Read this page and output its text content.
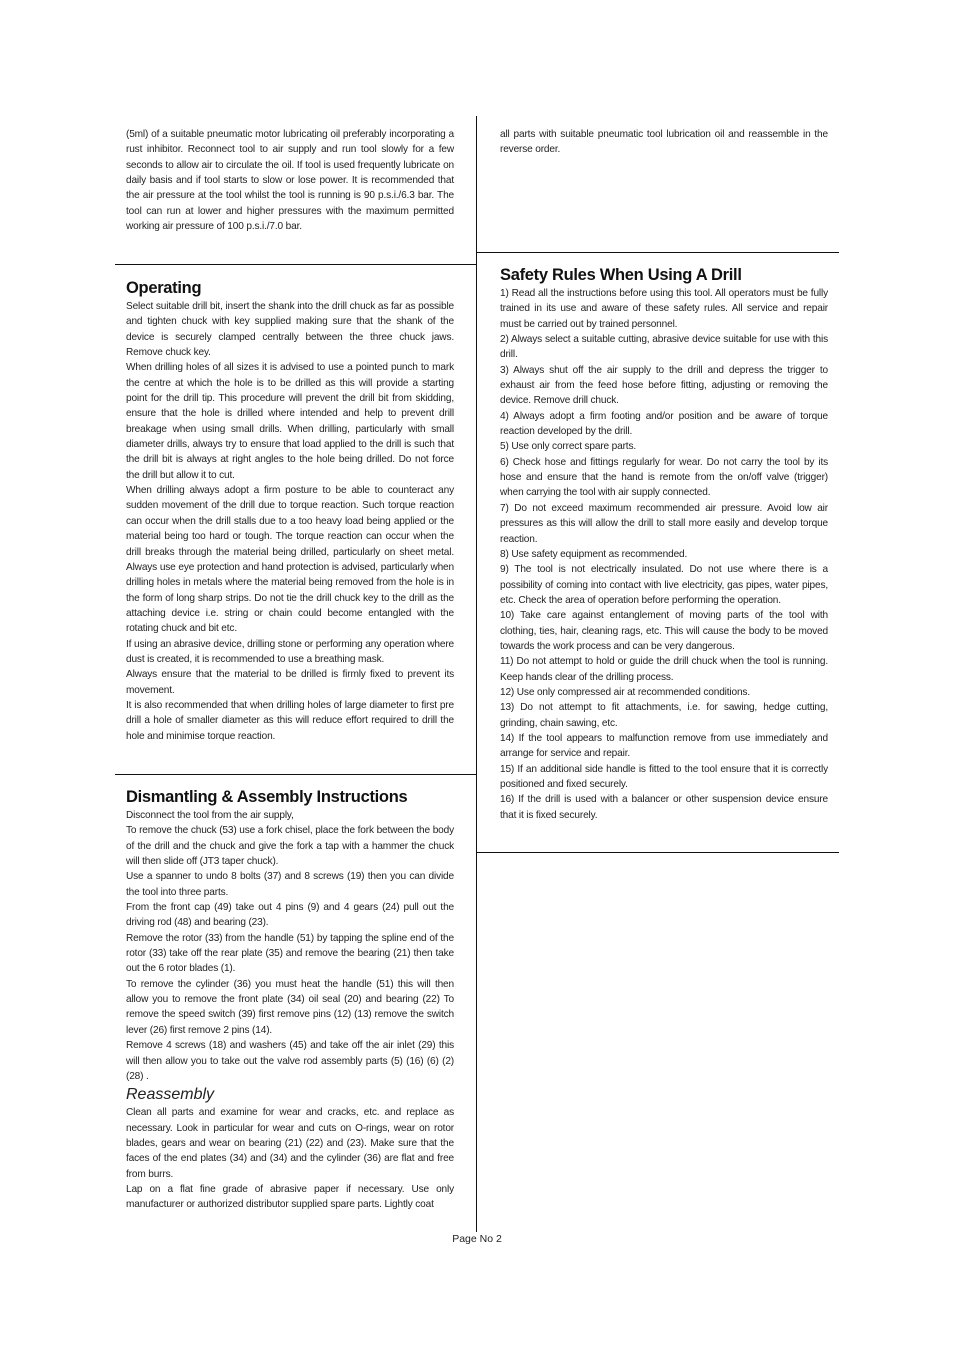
(5ml) of a suitable pneumatic motor lubricating oil preferably incorporating a rust inhibitor. Reconnect tool to air supply and run tool slowly for a few seconds to allow air to circulate the oil. If tool is used frequently lubricate on daily basis and if tool starts to slow or lose power. It is recommended that the air pressure at the tool whilst the tool is running is 90 p.s.i./6.3 bar. The tool can run at lower and higher pressures with the maximum permitted working air pressure of 100 p.s.i./7.0 bar.

Operating

Select suitable drill bit, insert the shank into the drill chuck as far as possible and tighten chuck with key supplied making sure that the shank of the device is securely clamped centrally between the three chuck jaws. Remove chuck key.

When drilling holes of all sizes it is advised to use a pointed punch to mark the centre at which the hole is to be drilled as this will provide a starting point for the drill tip. This procedure will prevent the drill bit from skidding, ensure that the hole is drilled where intended and help to prevent drill breakage when using small drills. When drilling, particularly with small diameter drills, always try to ensure that load applied to the drill is such that the drill bit is always at right angles to the hole being drilled. Do not force the drill but allow it to cut.

When drilling always adopt a firm posture to be able to counteract any sudden movement of the drill due to torque reaction. Such torque reaction can occur when the drill stalls due to a too heavy load being applied or the material being too hard or tough. The torque reaction can occur when the drill breaks through the material being drilled, particularly on sheet metal. Always use eye protection and hand protection is advised, particularly when drilling holes in metals where the material being removed from the hole is in the form of long sharp strips. Do not tie the drill chuck key to the drill as the attaching device i.e. string or chain could become entangled with the rotating chuck and bit etc.

If using an abrasive device, drilling stone or performing any operation where dust is created, it is recommended to use a breathing mask.

Always ensure that the material to be drilled is firmly fixed to prevent its movement.

It is also recommended that when drilling holes of large diameter to first pre drill a hole of smaller diameter as this will reduce effort required to drill the hole and minimise torque reaction.

Dismantling & Assembly Instructions

Disconnect the tool from the air supply,

To remove the chuck (53) use a fork chisel, place the fork between the body of the drill and the chuck and give the fork a tap with a hammer the chuck will then slide off (JT3 taper chuck).

Use a spanner to undo 8 bolts (37) and 8 screws (19) then you can divide the tool into three parts.

From the front cap (49) take out 4 pins (9) and 4 gears (24) pull out the driving rod (48) and bearing (23).

Remove the rotor (33) from the handle (51) by tapping the spline end of the rotor (33) take off the rear plate (35) and remove the bearing (21) then take out the 6 rotor blades (1).

To remove the cylinder (36) you must heat the handle (51) this will then allow you to remove the front plate (34) oil seal (20) and bearing (22) To remove the speed switch (39) first remove pins (12) (13) remove the switch lever (26) first remove 2 pins (14).

Remove 4 screws (18) and washers (45) and take off the air inlet (29) this will then allow you to take out the valve rod assembly parts (5) (16) (6) (2) (28) .

Reassembly

Clean all parts and examine for wear and cracks, etc. and replace as necessary. Look in particular for wear and cuts on O-rings, wear on rotor blades, gears and wear on bearing (21) (22) and (23). Make sure that the faces of the end plates (34) and (34) and the cylinder (36) are flat and free from burrs.

Lap on a flat fine grade of abrasive paper if necessary. Use only manufacturer or authorized distributor supplied spare parts. Lightly coat

all parts with suitable pneumatic tool lubrication oil and reassemble in the reverse order.

Safety Rules When Using A Drill

1) Read all the instructions before using this tool. All operators must be fully trained in its use and aware of these safety rules. All service and repair must be carried out by trained personnel.

2) Always select a suitable cutting, abrasive device suitable for use with this drill.

3) Always shut off the air supply to the drill and depress the trigger to exhaust air from the feed hose before fitting, adjusting or removing the device. Remove drill chuck.

4) Always adopt a firm footing and/or position and be aware of torque reaction developed by the drill.

5) Use only correct spare parts.

6) Check hose and fittings regularly for wear. Do not carry the tool by its hose and ensure that the hand is remote from the on/off valve (trigger) when carrying the tool with air supply connected.

7) Do not exceed maximum recommended air pressure. Avoid low air pressures as this will allow the drill to stall more easily and develop torque reaction.

8) Use safety equipment as recommended.

9) The tool is not electrically insulated. Do not use where there is a possibility of coming into contact with live electricity, gas pipes, water pipes, etc. Check the area of operation before performing the operation.

10) Take care against entanglement of moving parts of the tool with clothing, ties, hair, cleaning rags, etc. This will cause the body to be moved towards the work process and can be very dangerous.

11) Do not attempt to hold or guide the drill chuck when the tool is running. Keep hands clear of the drilling process.

12) Use only compressed air at recommended conditions.

13) Do not attempt to fit attachments, i.e. for sawing, hedge cutting, grinding, chain sawing, etc.

14) If the tool appears to malfunction remove from use immediately and arrange for service and repair.

15) If an additional side handle is fitted to the tool ensure that it is correctly positioned and fixed securely.

16) If the drill is used with a balancer or other suspension device ensure that it is fixed securely.

Page No 2
